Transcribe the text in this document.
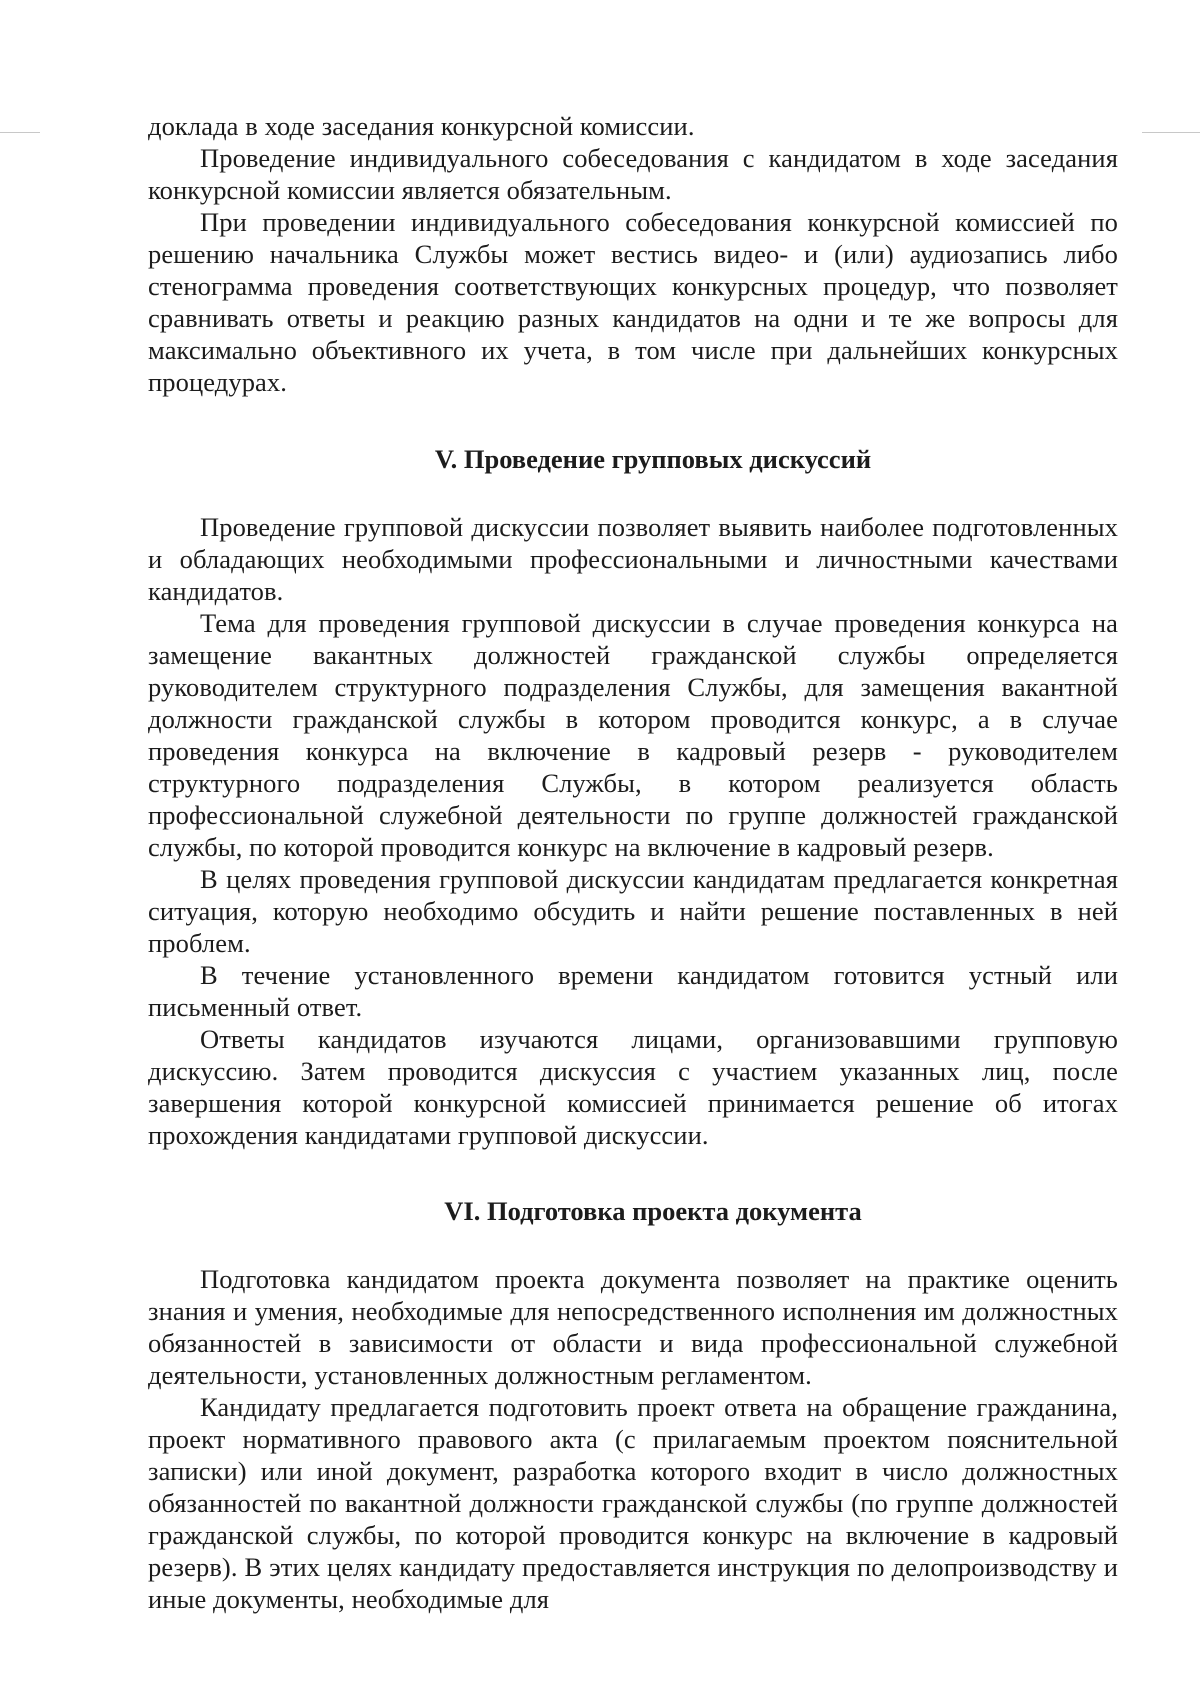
доклада в ходе заседания конкурсной комиссии.

Проведение индивидуального собеседования с кандидатом в ходе заседания конкурсной комиссии является обязательным.

При проведении индивидуального собеседования конкурсной комиссией по решению начальника Службы может вестись видео- и (или) аудиозапись либо стенограмма проведения соответствующих конкурсных процедур, что позволяет сравнивать ответы и реакцию разных кандидатов на одни и те же вопросы для максимально объективного их учета, в том числе при дальнейших конкурсных процедурах.

V. Проведение групповых дискуссий

Проведение групповой дискуссии позволяет выявить наиболее подготовленных и обладающих необходимыми профессиональными и личностными качествами кандидатов.

Тема для проведения групповой дискуссии в случае проведения конкурса на замещение вакантных должностей гражданской службы определяется руководителем структурного подразделения Службы, для замещения вакантной должности гражданской службы в котором проводится конкурс, а в случае проведения конкурса на включение в кадровый резерв - руководителем структурного подразделения Службы, в котором реализуется область профессиональной служебной деятельности по группе должностей гражданской службы, по которой проводится конкурс на включение в кадровый резерв.

В целях проведения групповой дискуссии кандидатам предлагается конкретная ситуация, которую необходимо обсудить и найти решение поставленных в ней проблем.

В течение установленного времени кандидатом готовится устный или письменный ответ.

Ответы кандидатов изучаются лицами, организовавшими групповую дискуссию. Затем проводится дискуссия с участием указанных лиц, после завершения которой конкурсной комиссией принимается решение об итогах прохождения кандидатами групповой дискуссии.

VI. Подготовка проекта документа

Подготовка кандидатом проекта документа позволяет на практике оценить знания и умения, необходимые для непосредственного исполнения им должностных обязанностей в зависимости от области и вида профессиональной служебной деятельности, установленных должностным регламентом.

Кандидату предлагается подготовить проект ответа на обращение гражданина, проект нормативного правового акта (с прилагаемым проектом пояснительной записки) или иной документ, разработка которого входит в число должностных обязанностей по вакантной должности гражданской службы (по группе должностей гражданской службы, по которой проводится конкурс на включение в кадровый резерв). В этих целях кандидату предоставляется инструкция по делопроизводству и иные документы, необходимые для
